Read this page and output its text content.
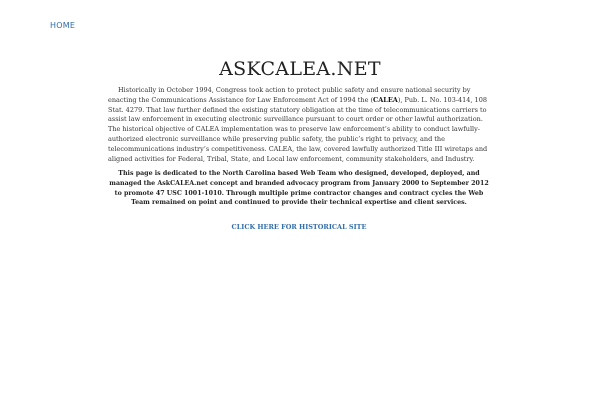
HOME
ASKCALEA.NET

Historically in October 1994, Congress took action to protect public safety and ensure national security by enacting the Communications Assistance for Law Enforcement Act of 1994 the (CALEA), Pub. L. No. 103-414, 108 Stat. 4279. That law further defined the existing statutory obligation at the time of telecommunications carriers to assist law enforcement in executing electronic surveillance pursuant to court order or other lawful authorization. The historical objective of CALEA implementation was to preserve law enforcement’s ability to conduct lawfully-authorized electronic surveillance while preserving public safety, the public’s right to privacy, and the telecommunications industry’s competitiveness. CALEA, the law, covered lawfully authorized Title III wiretaps and aligned activities for Federal, Tribal, State, and Local law enforcement, community stakeholders, and Industry.

This page is dedicated to the North Carolina based Web Team who designed, developed, deployed, and managed the AskCALEA.net concept and branded advocacy program from January 2000 to September 2012 to promote 47 USC 1001-1010. Through multiple prime contractor changes and contract cycles the Web Team remained on point and continued to provide their technical expertise and client services.

CLICK HERE FOR HISTORICAL SITE
